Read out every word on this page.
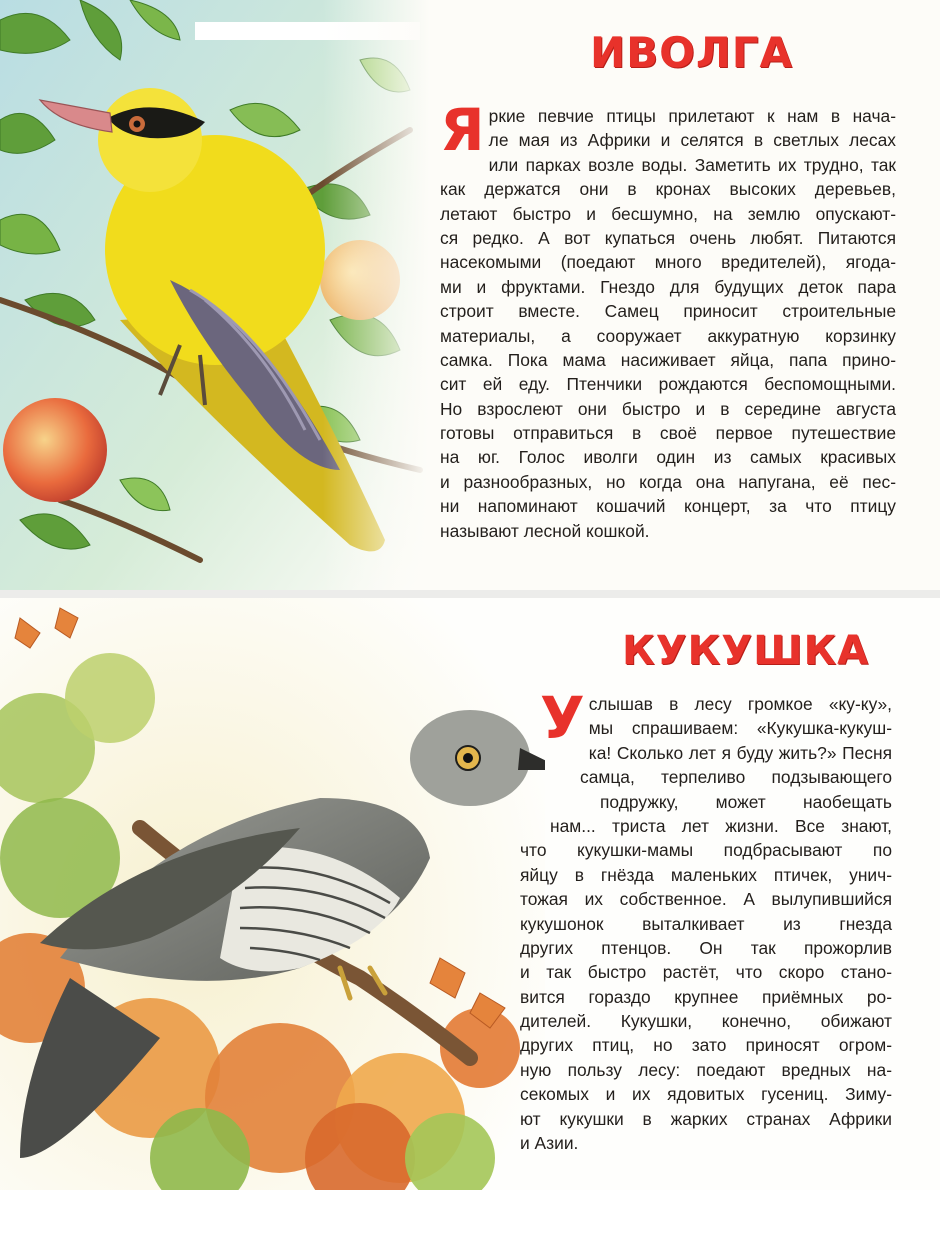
ИВОЛГА
Я ркие певчие птицы прилетают к нам в нача-
ле мая из Африки и селятся в светлых лесах
или парках возле воды. Заметить их трудно, так
как держатся они в кронах высоких деревьев,
летают быстро и бесшумно, на землю опускают-
ся редко. А вот купаться очень любят. Питаются
насекомыми (поедают много вредителей), ягода-
ми и фруктами. Гнездо для будущих деток пара
строит вместе. Самец приносит строительные
материалы, а сооружает аккуратную корзинку
самка. Пока мама насиживает яйца, папа прино-
сит ей еду. Птенчики рождаются беспомощными.
Но взрослеют они быстро и в середине августа
готовы отправиться в своё первое путешествие
на юг. Голос иволги один из самых красивых
и разнообразных, но когда она напугана, её пес-
ни напоминают кошачий концерт, за что птицу
называют лесной кошкой.
КУКУШКА
У слышав в лесу громкое «ку-ку»,
мы спрашиваем: «Кукушка-кукуш-
ка! Сколько лет я буду жить?» Песня
самца, терпеливо подзывающего
подружку, может наобещать
нам... триста лет жизни. Все знают,
что кукушки-мамы подбрасывают по
яйцу в гнёзда маленьких птичек, унич-
тожая их собственное. А вылупившийся
кукушонок выталкивает из гнезда
других птенцов. Он так прожорлив
и так быстро растёт, что скоро стано-
вится гораздо крупнее приёмных ро-
дителей. Кукушки, конечно, обижают
других птиц, но зато приносят огром-
ную пользу лесу: поедают вредных на-
секомых и их ядовитых гусениц. Зиму-
ют кукушки в жарких странах Африки
и Азии.
